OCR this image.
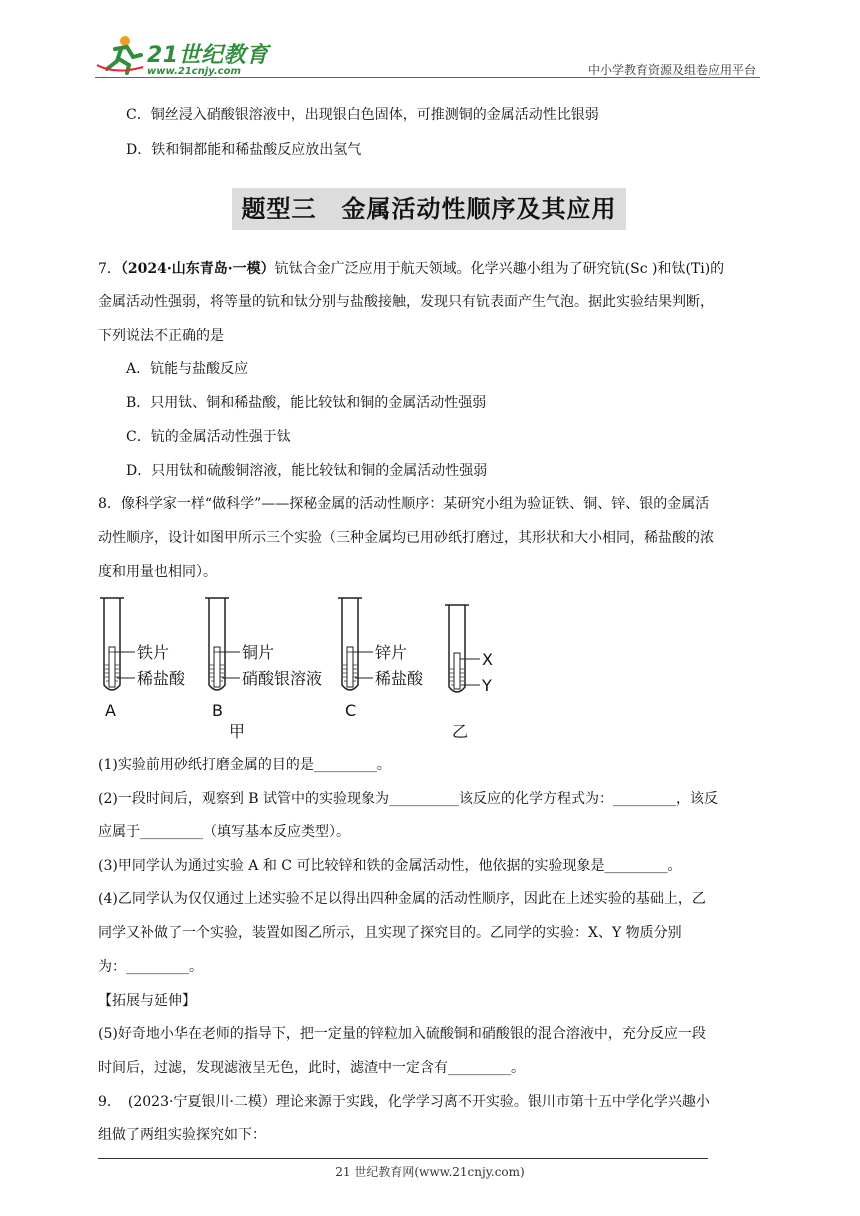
21世纪教育
www.21cnjy.com	中小学教育资源及组卷应用平台
C．铜丝浸入硝酸银溶液中，出现银白色固体，可推测铜的金属活动性比银弱
D．铁和铜都能和稀盐酸反应放出氢气
题型三　金属活动性顺序及其应用
7．（2024·山东青岛·一模）钪钛合金广泛应用于航天领域。化学兴趣小组为了研究钪(Sc )和钛(Ti)的
金属活动性强弱，将等量的钪和钛分别与盐酸接触，发现只有钪表面产生气泡。据此实验结果判断，
下列说法不正确的是
A．钪能与盐酸反应
B．只用钛、铜和稀盐酸，能比较钛和铜的金属活动性强弱
C．钪的金属活动性强于钛
D．只用钛和硫酸铜溶液，能比较钛和铜的金属活动性强弱
8．像科学家一样“做科学”——探秘金属的活动性顺序：某研究小组为验证铁、铜、锌、银的金属活
动性顺序，设计如图甲所示三个实验（三种金属均已用砂纸打磨过，其形状和大小相同，稀盐酸的浓
度和用量也相同）。
铁片
稀盐酸
A
铜片
硝酸银溶液
B
锌片
稀盐酸
C
X
Y
甲	乙
(1)实验前用砂纸打磨金属的目的是_________。
(2)一段时间后，观察到 B 试管中的实验现象为__________该反应的化学方程式为：_________，该反
应属于_________（填写基本反应类型）。
(3)甲同学认为通过实验 A 和 C 可比较锌和铁的金属活动性，他依据的实验现象是_________。
(4)乙同学认为仅仅通过上述实验不足以得出四种金属的活动性顺序，因此在上述实验的基础上，乙
同学又补做了一个实验，装置如图乙所示，且实现了探究目的。乙同学的实验：X、Y 物质分别
为：_________。
【拓展与延伸】
(5)好奇地小华在老师的指导下，把一定量的锌粒加入硫酸铜和硝酸银的混合溶液中，充分反应一段
时间后，过滤，发现滤液呈无色，此时，滤渣中一定含有_________。
9．　(2023·宁夏银川·二模）理论来源于实践，化学学习离不开实验。银川市第十五中学化学兴趣小
组做了两组实验探究如下：
21 世纪教育网(www.21cnjy.com)
